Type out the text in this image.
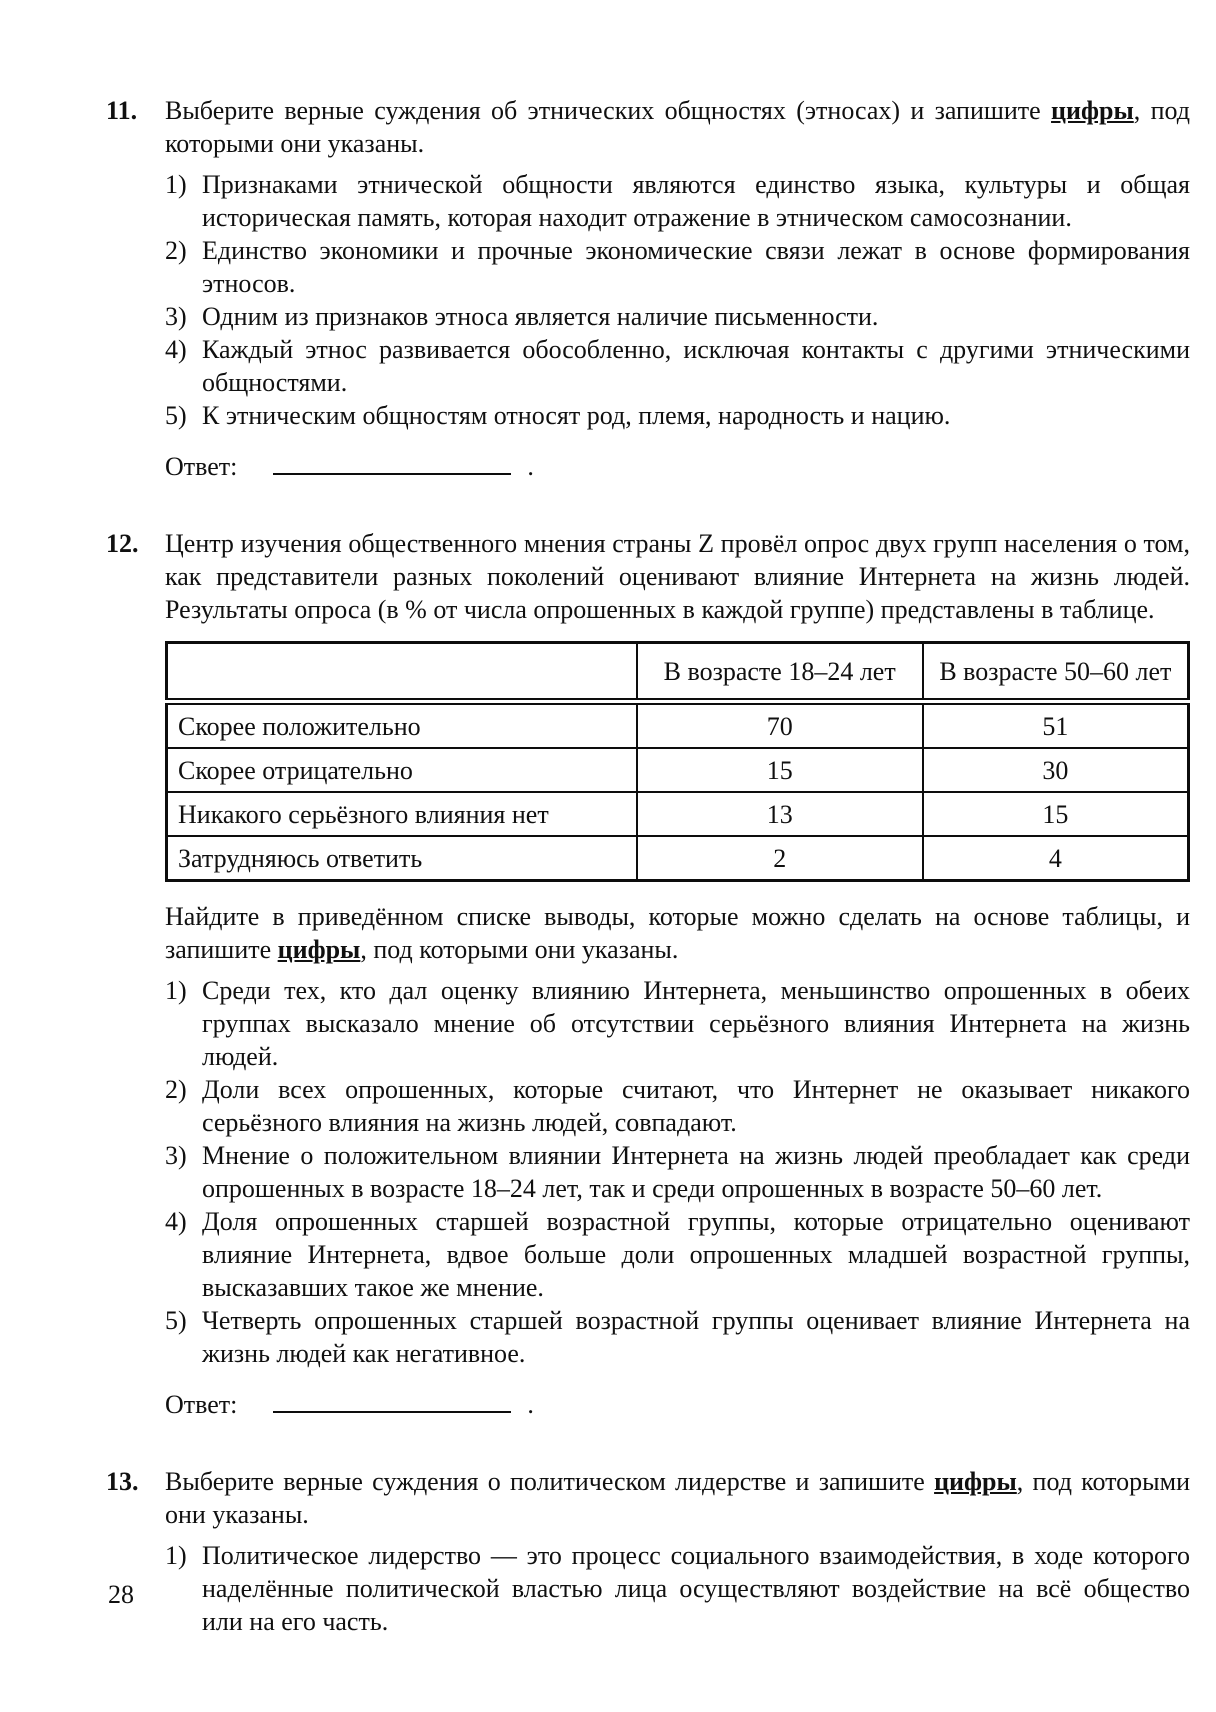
11.	Выберите верные суждения об этнических общностях (этносах) и запишите цифры, под которыми они указаны.

1) Признаками этнической общности являются единство языка, культуры и общая историческая память, которая находит отражение в этническом самосознании.
2) Единство экономики и прочные экономические связи лежат в основе формирования этносов.
3) Одним из признаков этноса является наличие письменности.
4) Каждый этнос развивается обособленно, исключая контакты с другими этническими общностями.
5) К этническим общностям относят род, племя, народность и нацию.

Ответ:	.

12.	Центр изучения общественного мнения страны Z провёл опрос двух групп населения о том, как представители разных поколений оценивают влияние Интернета на жизнь людей. Результаты опроса (в % от числа опрошенных в каждой группе) представлены в таблице.

	В возрасте 18–24 лет	В возрасте 50–60 лет
Скорее положительно	70	51
Скорее отрицательно	15	30
Никакого серьёзного влияния нет	13	15
Затрудняюсь ответить	2	4

Найдите в приведённом списке выводы, которые можно сделать на основе таблицы, и запишите цифры, под которыми они указаны.

1) Среди тех, кто дал оценку влиянию Интернета, меньшинство опрошенных в обеих группах высказало мнение об отсутствии серьёзного влияния Интернета на жизнь людей.
2) Доли всех опрошенных, которые считают, что Интернет не оказывает никакого серьёзного влияния на жизнь людей, совпадают.
3) Мнение о положительном влиянии Интернета на жизнь людей преобладает как среди опрошенных в возрасте 18–24 лет, так и среди опрошенных в возрасте 50–60 лет.
4) Доля опрошенных старшей возрастной группы, которые отрицательно оценивают влияние Интернета, вдвое больше доли опрошенных младшей возрастной группы, высказавших такое же мнение.
5) Четверть опрошенных старшей возрастной группы оценивает влияние Интернета на жизнь людей как негативное.

Ответ:	.

13.	Выберите верные суждения о политическом лидерстве и запишите цифры, под которыми они указаны.

1) Политическое лидерство — это процесс социального взаимодействия, в ходе которого наделённые политической властью лица осуществляют воздействие на всё общество или на его часть.
28
